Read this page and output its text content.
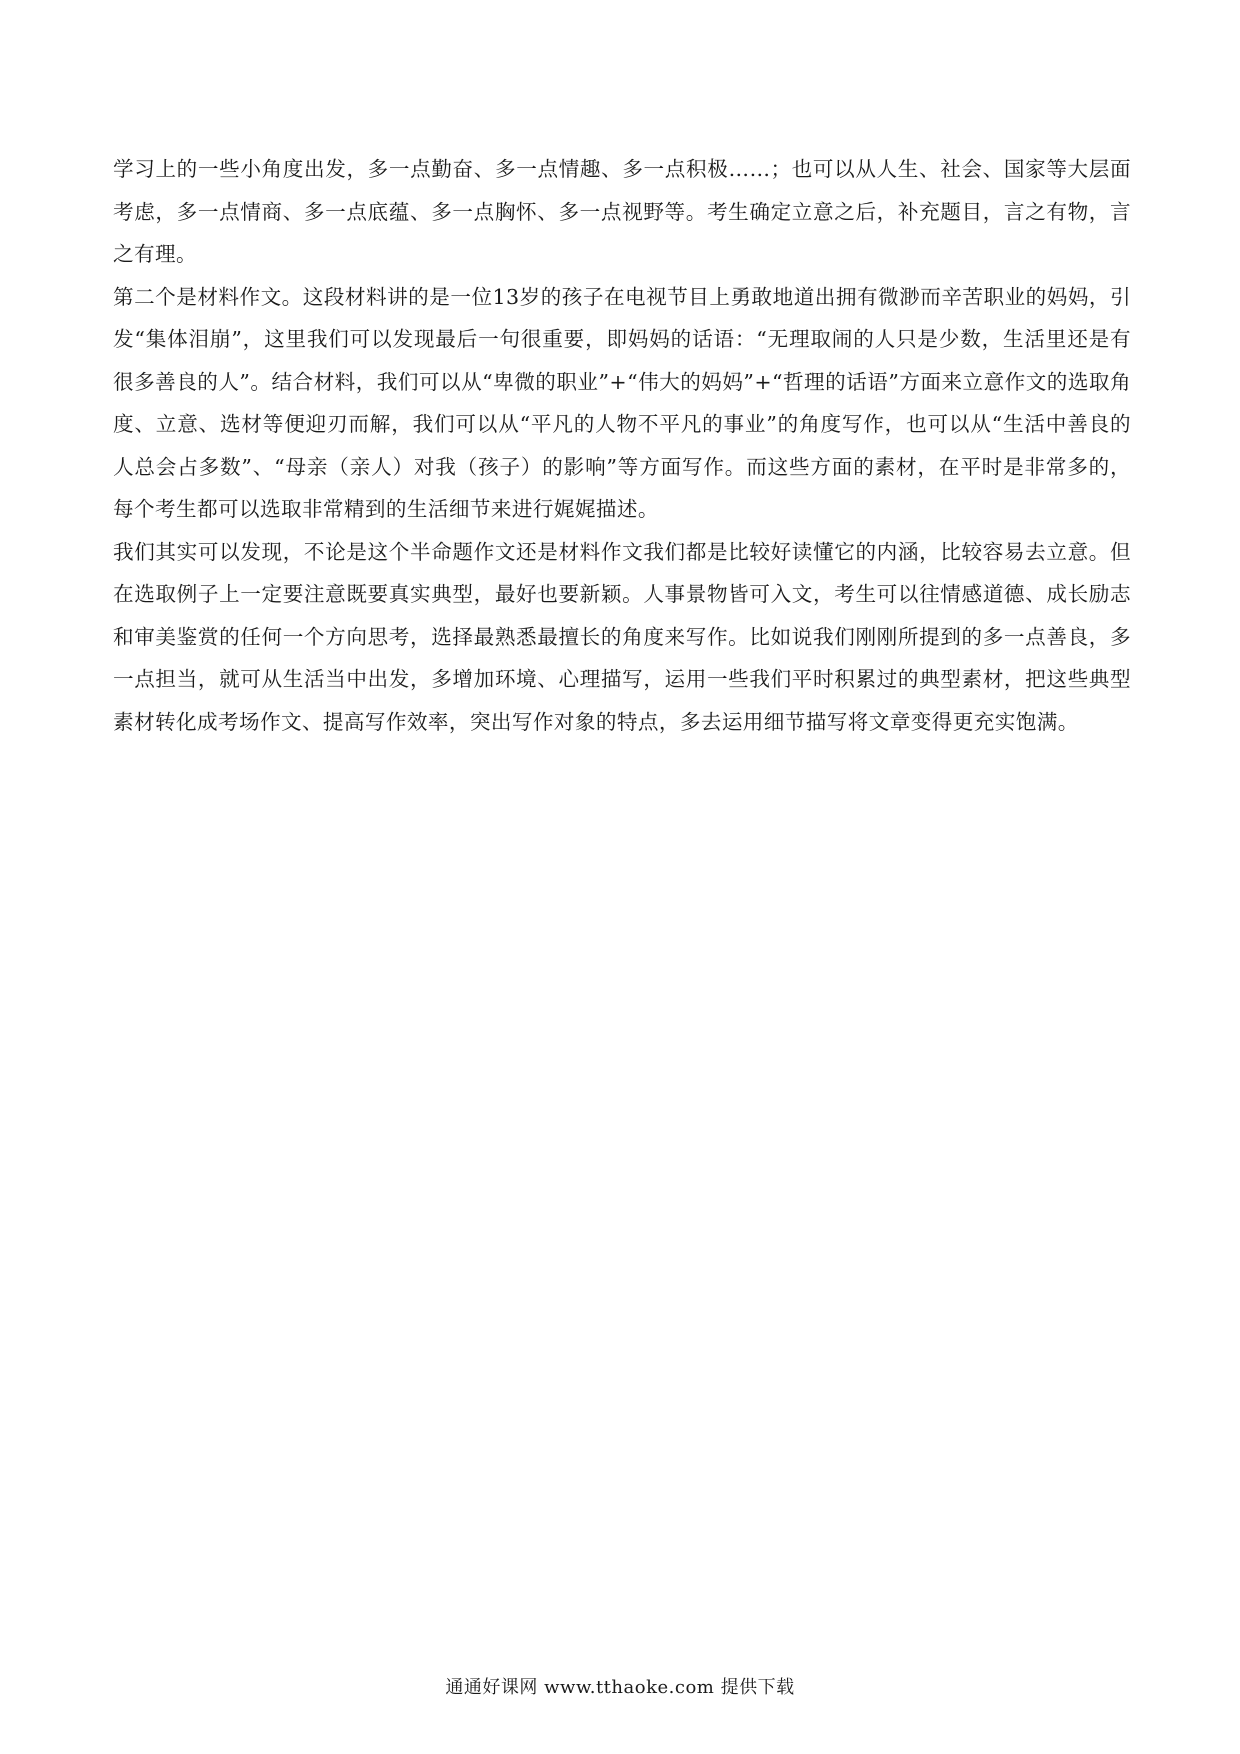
学习上的一些小角度出发，多一点勤奋、多一点情趣、多一点积极……；也可以从人生、社会、国家等大层面考虑，多一点情商、多一点底蕴、多一点胸怀、多一点视野等。考生确定立意之后，补充题目，言之有物，言之有理。

第二个是材料作文。这段材料讲的是一位13岁的孩子在电视节目上勇敢地道出拥有微渺而辛苦职业的妈妈，引发“集体泪崩”，这里我们可以发现最后一句很重要，即妈妈的话语：“无理取闹的人只是少数，生活里还是有很多善良的人”。结合材料，我们可以从“卑微的职业”+“伟大的妈妈”+“哲理的话语”方面来立意作文的选取角度、立意、选材等便迎刃而解，我们可以从“平凡的人物不平凡的事业”的角度写作，也可以从“生活中善良的人总会占多数”、“母亲（亲人）对我（孩子）的影响”等方面写作。而这些方面的素材，在平时是非常多的，每个考生都可以选取非常精到的生活细节来进行娓娓描述。

我们其实可以发现，不论是这个半命题作文还是材料作文我们都是比较好读懂它的内涵，比较容易去立意。但在选取例子上一定要注意既要真实典型，最好也要新颖。人事景物皆可入文，考生可以往情感道德、成长励志和审美鉴赏的任何一个方向思考，选择最熟悉最擅长的角度来写作。比如说我们刚刚所提到的多一点善良，多一点担当，就可从生活当中出发，多增加环境、心理描写，运用一些我们平时积累过的典型素材，把这些典型素材转化成考场作文、提高写作效率，突出写作对象的特点，多去运用细节描写将文章变得更充实饱满。

通通好课网 www.tthaoke.com 提供下载
